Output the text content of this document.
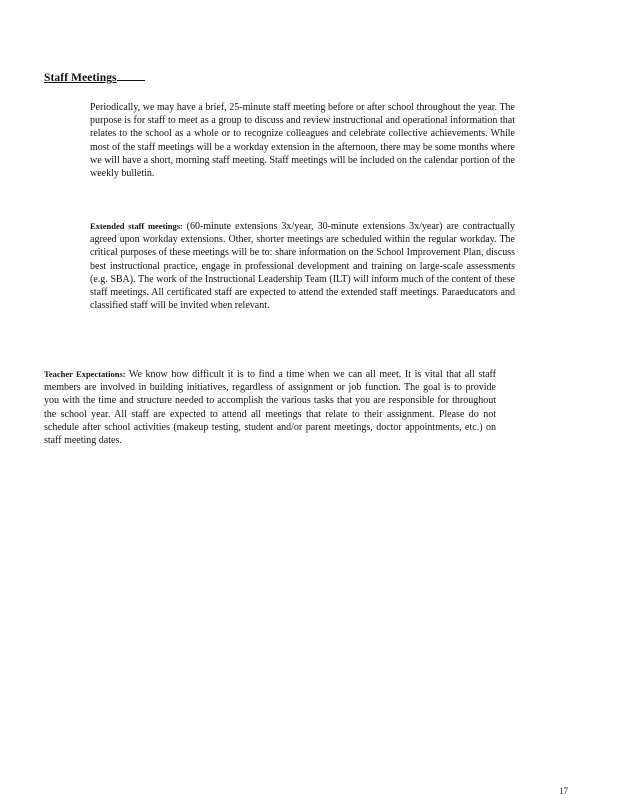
Staff Meetings
Periodically, we may have a brief, 25-minute staff meeting before or after school throughout the year. The purpose is for staff to meet as a group to discuss and review instructional and operational information that relates to the school as a whole or to recognize colleagues and celebrate collective achievements. While most of the staff meetings will be a workday extension in the afternoon, there may be some months where we will have a short, morning staff meeting. Staff meetings will be included on the calendar portion of the weekly bulletin.
Extended staff meetings: (60-minute extensions 3x/year, 30-minute extensions 3x/year) are contractually agreed upon workday extensions. Other, shorter meetings are scheduled within the regular workday. The critical purposes of these meetings will be to: share information on the School Improvement Plan, discuss best instructional practice, engage in professional development and training on large-scale assessments (e.g. SBA). The work of the Instructional Leadership Team (ILT) will inform much of the content of these staff meetings. All certificated staff are expected to attend the extended staff meetings. Paraeducators and classified staff will be invited when relevant.
Teacher Expectations: We know how difficult it is to find a time when we can all meet. It is vital that all staff members are involved in building initiatives, regardless of assignment or job function. The goal is to provide you with the time and structure needed to accomplish the various tasks that you are responsible for throughout the school year. All staff are expected to attend all meetings that relate to their assignment. Please do not schedule after school activities (makeup testing, student and/or parent meetings, doctor appointments, etc.) on staff meeting dates.
17
